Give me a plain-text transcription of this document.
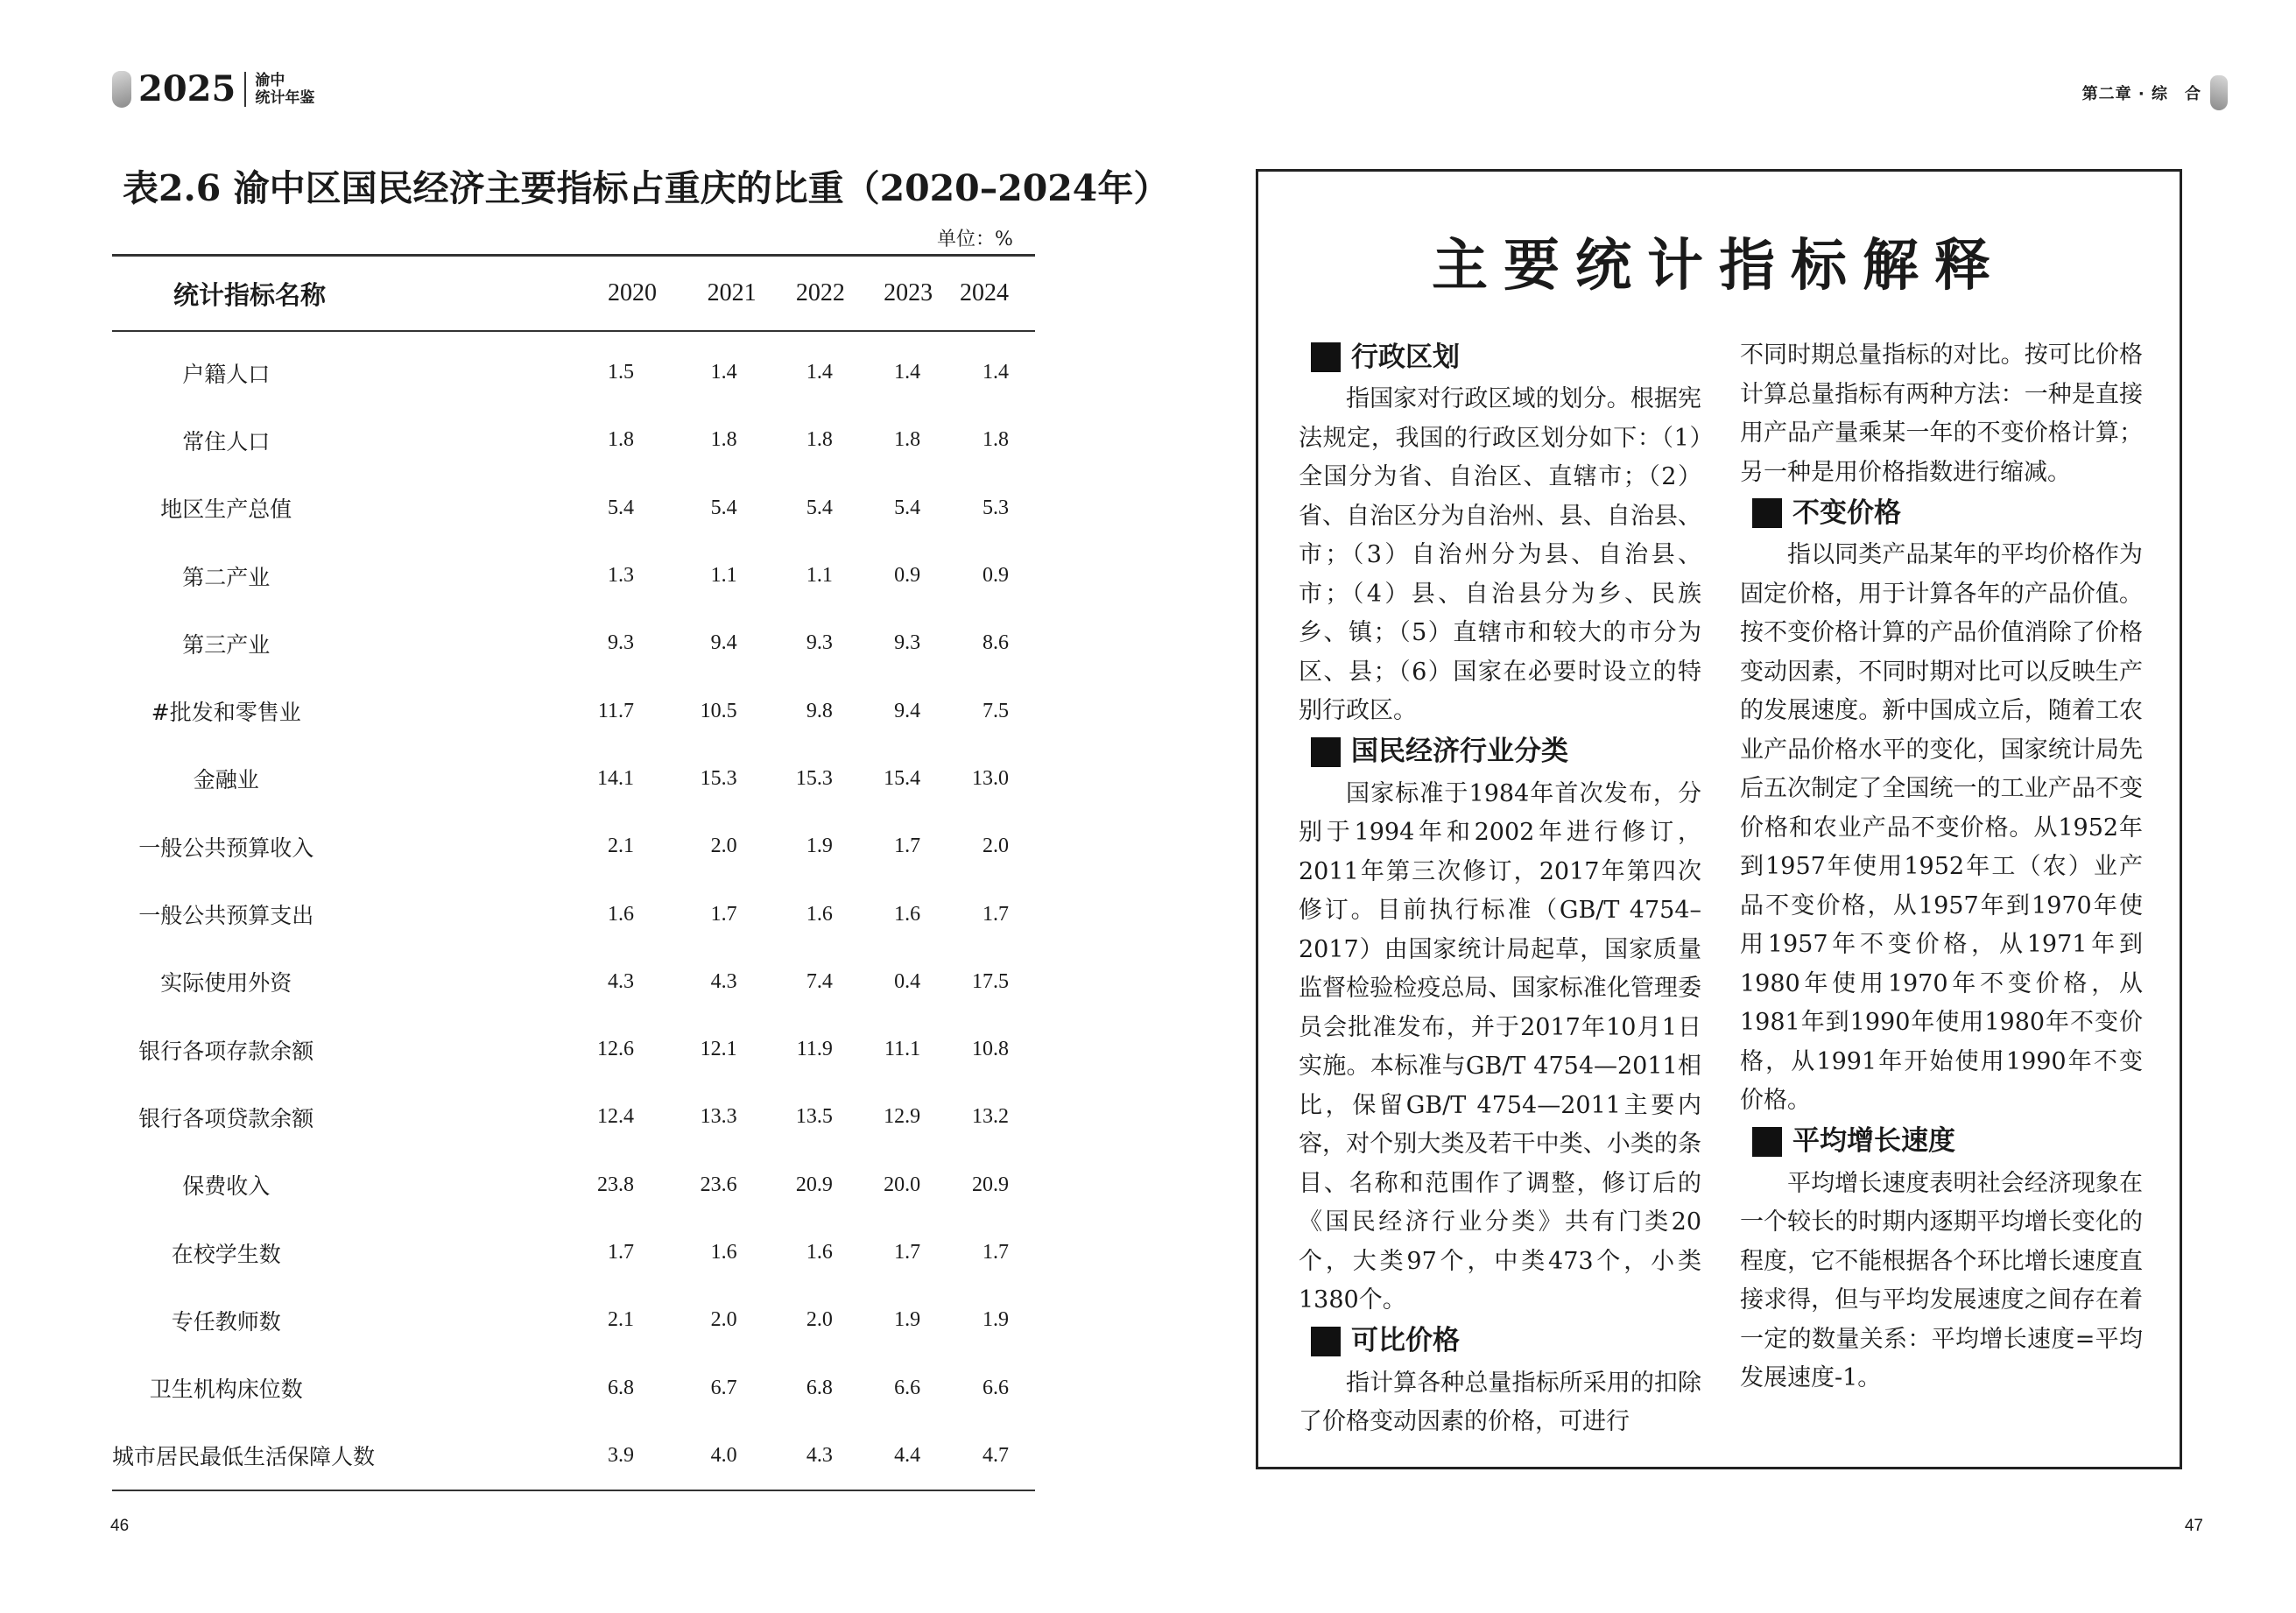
2025 渝中
统计年鉴
表2.6 渝中区国民经济主要指标占重庆的比重（2020–2024年）
单位：%
统计指标名称	2020	2021	2022	2023	2024
户籍人口	1.5	1.4	1.4	1.4	1.4
常住人口	1.8	1.8	1.8	1.8	1.8
地区生产总值	5.4	5.4	5.4	5.4	5.3
第二产业	1.3	1.1	1.1	0.9	0.9
第三产业	9.3	9.4	9.3	9.3	8.6
#批发和零售业	11.7	10.5	9.8	9.4	7.5
金融业	14.1	15.3	15.3	15.4	13.0
一般公共预算收入	2.1	2.0	1.9	1.7	2.0
一般公共预算支出	1.6	1.7	1.6	1.6	1.7
实际使用外资	4.3	4.3	7.4	0.4	17.5
银行各项存款余额	12.6	12.1	11.9	11.1	10.8
银行各项贷款余额	12.4	13.3	13.5	12.9	13.2
保费收入	23.8	23.6	20.9	20.0	20.9
在校学生数	1.7	1.6	1.6	1.7	1.7
专任教师数	2.1	2.0	2.0	1.9	1.9
卫生机构床位数	6.8	6.7	6.8	6.6	6.6
城市居民最低生活保障人数	3.9	4.0	4.3	4.4	4.7
46
第二章 · 综　合
主要统计指标解释
行政区划

指国家对行政区域的划分。根据宪法规定，我国的行政区划分如下：（1）全国分为省、自治区、直辖市；（2）省、自治区分为自治州、县、自治县、市；（3）自治州分为县、自治县、市；（4）县、自治县分为乡、民族乡、镇；（5）直辖市和较大的市分为区、县；（6）国家在必要时设立的特别行政区。

国民经济行业分类

国家标准于1984年首次发布，分别于1994年和2002年进行修订，2011年第三次修订，2017年第四次修订。目前执行标准（GB/T 4754–2017）由国家统计局起草，国家质量监督检验检疫总局、国家标准化管理委员会批准发布，并于2017年10月1日实施。本标准与GB/T 4754—2011相比，保留GB/T 4754—2011主要内容，对个别大类及若干中类、小类的条目、名称和范围作了调整，修订后的《国民经济行业分类》共有门类20个，大类97个，中类473个，小类1380个。

可比价格

指计算各种总量指标所采用的扣除了价格变动因素的价格，可进行

不同时期总量指标的对比。按可比价格计算总量指标有两种方法：一种是直接用产品产量乘某一年的不变价格计算；另一种是用价格指数进行缩减。

不变价格

指以同类产品某年的平均价格作为固定价格，用于计算各年的产品价值。按不变价格计算的产品价值消除了价格变动因素，不同时期对比可以反映生产的发展速度。新中国成立后，随着工农业产品价格水平的变化，国家统计局先后五次制定了全国统一的工业产品不变价格和农业产品不变价格。从1952年到1957年使用1952年工（农）业产品不变价格，从1957年到1970年使用1957年不变价格，从1971年到1980年使用1970年不变价格，从1981年到1990年使用1980年不变价格，从1991年开始使用1990年不变价格。

平均增长速度

平均增长速度表明社会经济现象在一个较长的时期内逐期平均增长变化的程度，它不能根据各个环比增长速度直接求得，但与平均发展速度之间存在着一定的数量关系：平均增长速度=平均发展速度-1。

47
